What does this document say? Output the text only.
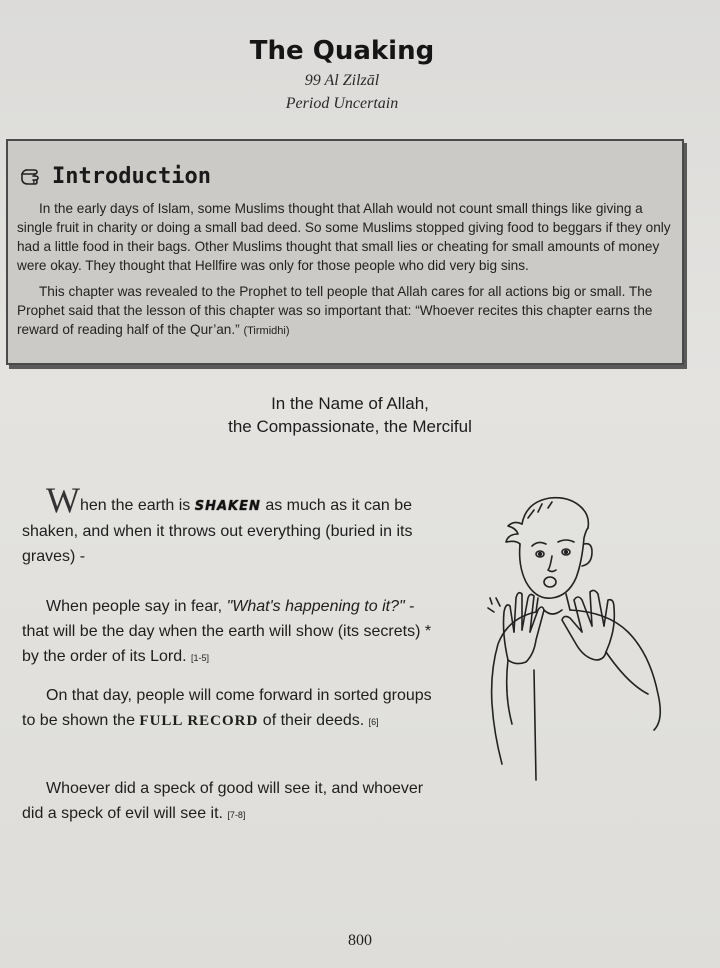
The Quaking
99 Al Zilzāl
Period Uncertain
Introduction

In the early days of Islam, some Muslims thought that Allah would not count small things like giving a single fruit in charity or doing a small bad deed. So some Muslims stopped giving food to beggars if they only had a little food in their bags. Other Muslims thought that small lies or cheating for small amounts of money were okay. They thought that Hellfire was only for those people who did very big sins.

This chapter was revealed to the Prophet to tell people that Allah cares for all actions big or small. The Prophet said that the lesson of this chapter was so important that: “Whoever recites this chapter earns the reward of reading half of the Qur’an.” (Tirmidhi)

In the Name of Allah,
the Compassionate, the Merciful

When the earth is SHAKEN as much as it can be shaken, and when it throws out everything (buried in its graves) -

When people say in fear, "What's happening to it?" - that will be the day when the earth will show (its secrets) * by the order of its Lord. [1-5]

On that day, people will come forward in sorted groups to be shown the FULL RECORD of their deeds. [6]

Whoever did a speck of good will see it, and whoever did a speck of evil will see it. [7-8]

800
